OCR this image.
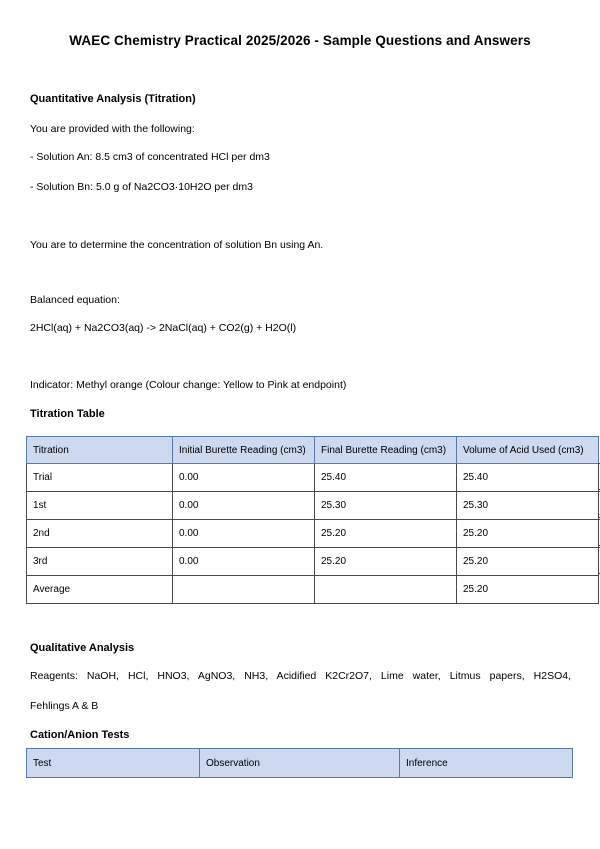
WAEC Chemistry Practical 2025/2026 - Sample Questions and Answers
Quantitative Analysis (Titration)
You are provided with the following:
- Solution An: 8.5 cm3 of concentrated HCl per dm3
- Solution Bn: 5.0 g of Na2CO3·10H2O per dm3
You are to determine the concentration of solution Bn using An.
Balanced equation:
2HCl(aq) + Na2CO3(aq) -> 2NaCl(aq) + CO2(g) + H2O(l)
Indicator: Methyl orange (Colour change: Yellow to Pink at endpoint)
Titration Table
Titration	Initial Burette Reading (cm3)	Final Burette Reading (cm3)	Volume of Acid Used (cm3)
Trial	0.00	25.40	25.40
1st	0.00	25.30	25.30
2nd	0.00	25.20	25.20
3rd	0.00	25.20	25.20
Average			25.20
Qualitative Analysis
Reagents: NaOH, HCl, HNO3, AgNO3, NH3, Acidified K2Cr2O7, Lime water, Litmus papers, H2SO4,
Fehlings A & B
Cation/Anion Tests
Test	Observation	Inference
